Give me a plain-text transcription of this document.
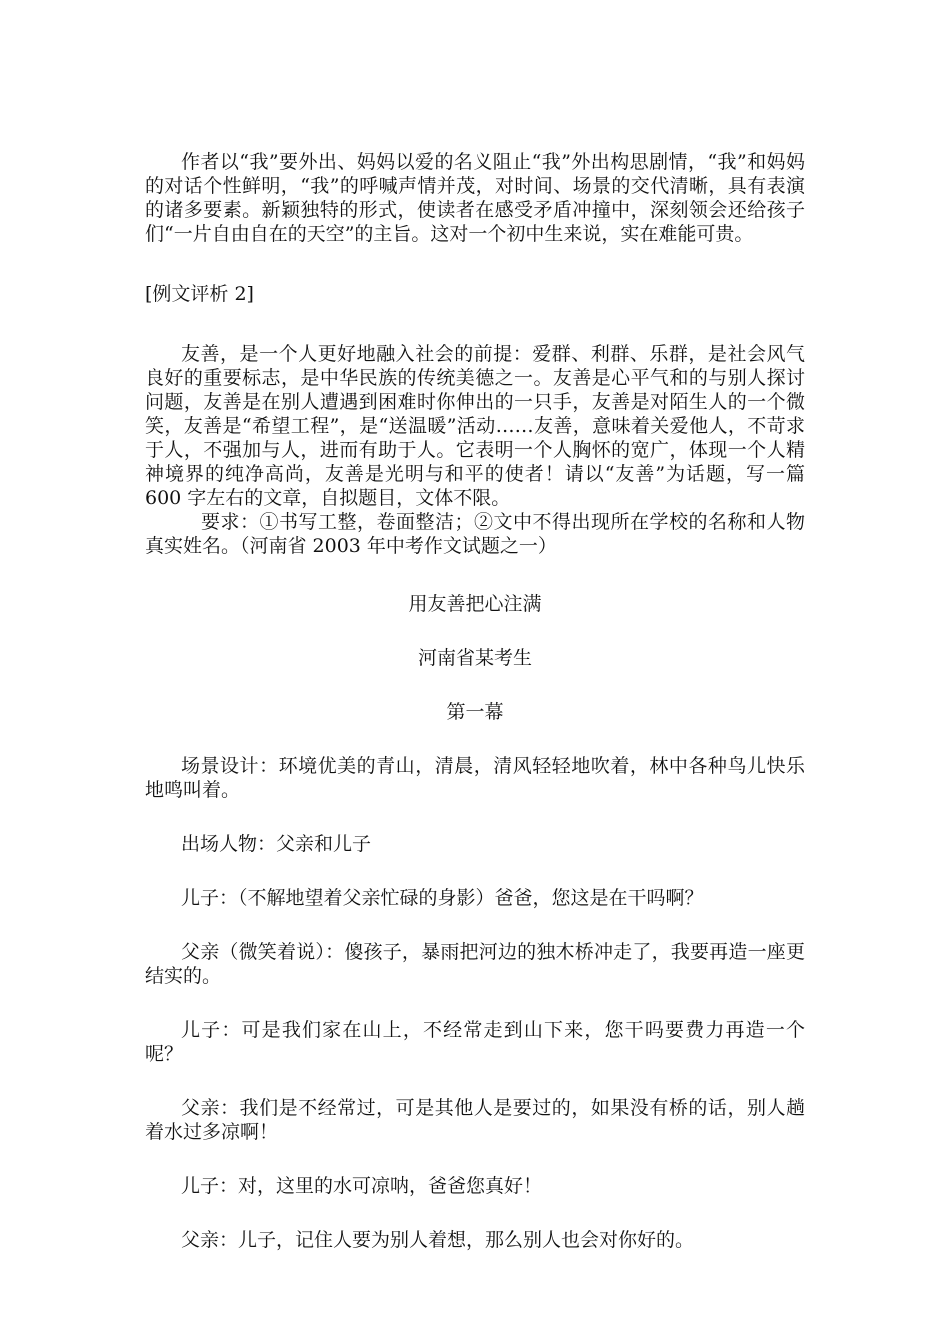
作者以“我”要外出、妈妈以爱的名义阻止“我”外出构思剧情，“我”和妈妈的对话个性鲜明，“我”的呼喊声情并茂，对时间、场景的交代清晰，具有表演的诸多要素。新颖独特的形式，使读者在感受矛盾冲撞中，深刻领会还给孩子们“一片自由自在的天空”的主旨。这对一个初中生来说，实在难能可贵。

[例文评析 2]

友善，是一个人更好地融入社会的前提：爱群、利群、乐群，是社会风气良好的重要标志，是中华民族的传统美德之一。友善是心平气和的与别人探讨问题，友善是在别人遭遇到困难时你伸出的一只手，友善是对陌生人的一个微笑，友善是“希望工程”，是“送温暖”活动……友善，意味着关爱他人，不苛求于人，不强加与人，进而有助于人。它表明一个人胸怀的宽广，体现一个人精神境界的纯净高尚，友善是光明与和平的使者！请以“友善”为话题，写一篇 600 字左右的文章，自拟题目，文体不限。

要求：①书写工整，卷面整洁；②文中不得出现所在学校的名称和人物真实姓名。（河南省 2003 年中考作文试题之一）

用友善把心注满

河南省某考生

第一幕

场景设计：环境优美的青山，清晨，清风轻轻地吹着，林中各种鸟儿快乐地鸣叫着。

出场人物：父亲和儿子

儿子：（不解地望着父亲忙碌的身影）爸爸，您这是在干吗啊？

父亲（微笑着说）：傻孩子，暴雨把河边的独木桥冲走了，我要再造一座更结实的。

儿子：可是我们家在山上，不经常走到山下来，您干吗要费力再造一个呢？

父亲：我们是不经常过，可是其他人是要过的，如果没有桥的话，别人趟着水过多凉啊！

儿子：对，这里的水可凉呐，爸爸您真好！

父亲：儿子，记住人要为别人着想，那么别人也会对你好的。
